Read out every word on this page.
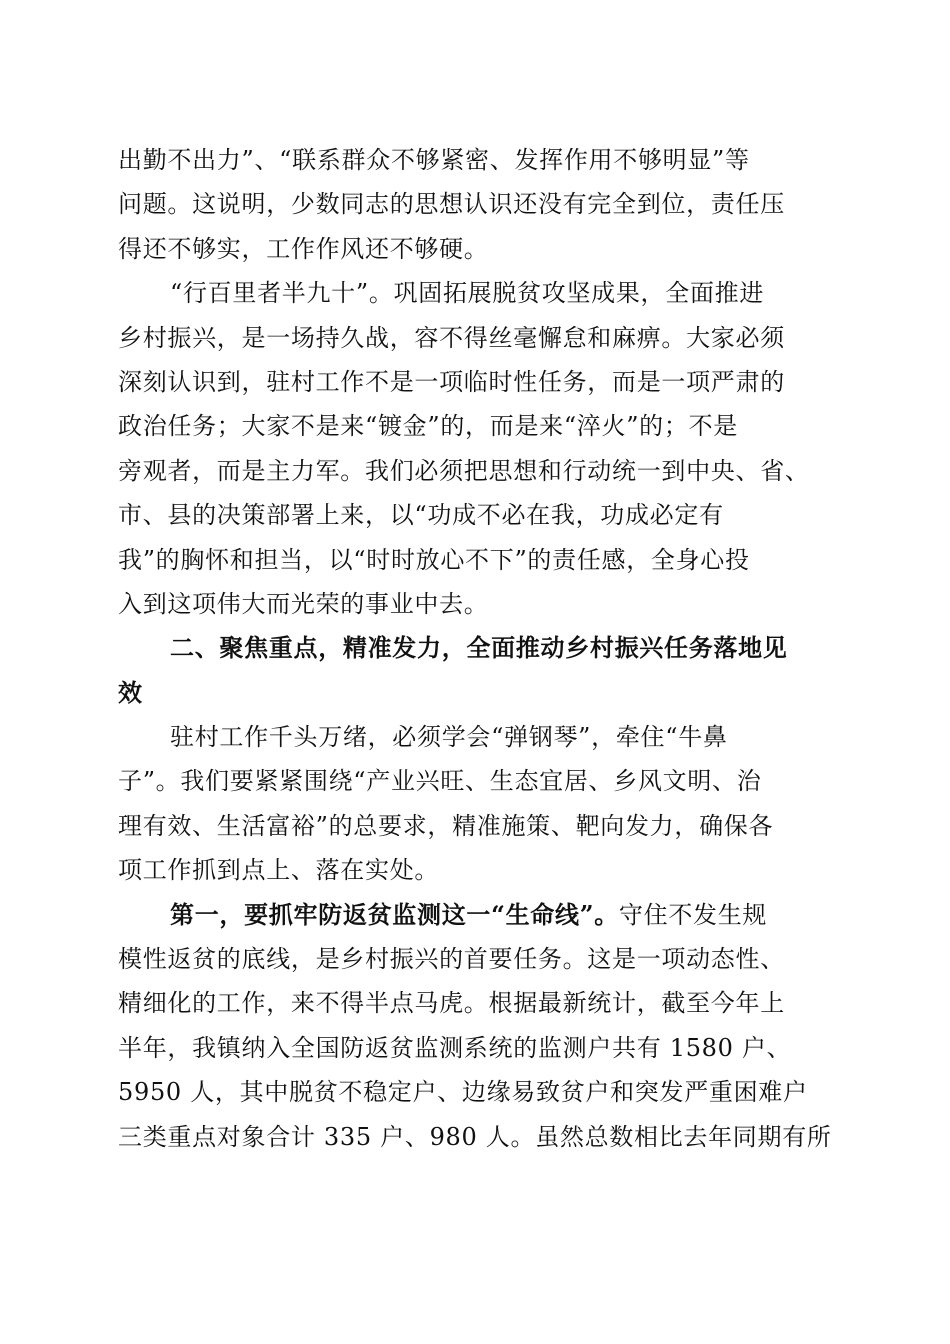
出勤不出力”、“联系群众不够紧密、发挥作用不够明显”等
问题。这说明，少数同志的思想认识还没有完全到位，责任压
得还不够实，工作作风还不够硬。
“行百里者半九十”。巩固拓展脱贫攻坚成果，全面推进
乡村振兴，是一场持久战，容不得丝毫懈怠和麻痹。大家必须
深刻认识到，驻村工作不是一项临时性任务，而是一项严肃的
政治任务；大家不是来“镀金”的，而是来“淬火”的；不是
旁观者，而是主力军。我们必须把思想和行动统一到中央、省、
市、县的决策部署上来，以“功成不必在我，功成必定有
我”的胸怀和担当，以“时时放心不下”的责任感，全身心投
入到这项伟大而光荣的事业中去。
二、聚焦重点，精准发力，全面推动乡村振兴任务落地见
效
驻村工作千头万绪，必须学会“弹钢琴”，牵住“牛鼻
子”。我们要紧紧围绕“产业兴旺、生态宜居、乡风文明、治
理有效、生活富裕”的总要求，精准施策、靶向发力，确保各
项工作抓到点上、落在实处。
第一，要抓牢防返贫监测这一“生命线”。守住不发生规
模性返贫的底线，是乡村振兴的首要任务。这是一项动态性、
精细化的工作，来不得半点马虎。根据最新统计，截至今年上
半年，我镇纳入全国防返贫监测系统的监测户共有 1580 户、
5950 人，其中脱贫不稳定户、边缘易致贫户和突发严重困难户
三类重点对象合计 335 户、980 人。虽然总数相比去年同期有所
